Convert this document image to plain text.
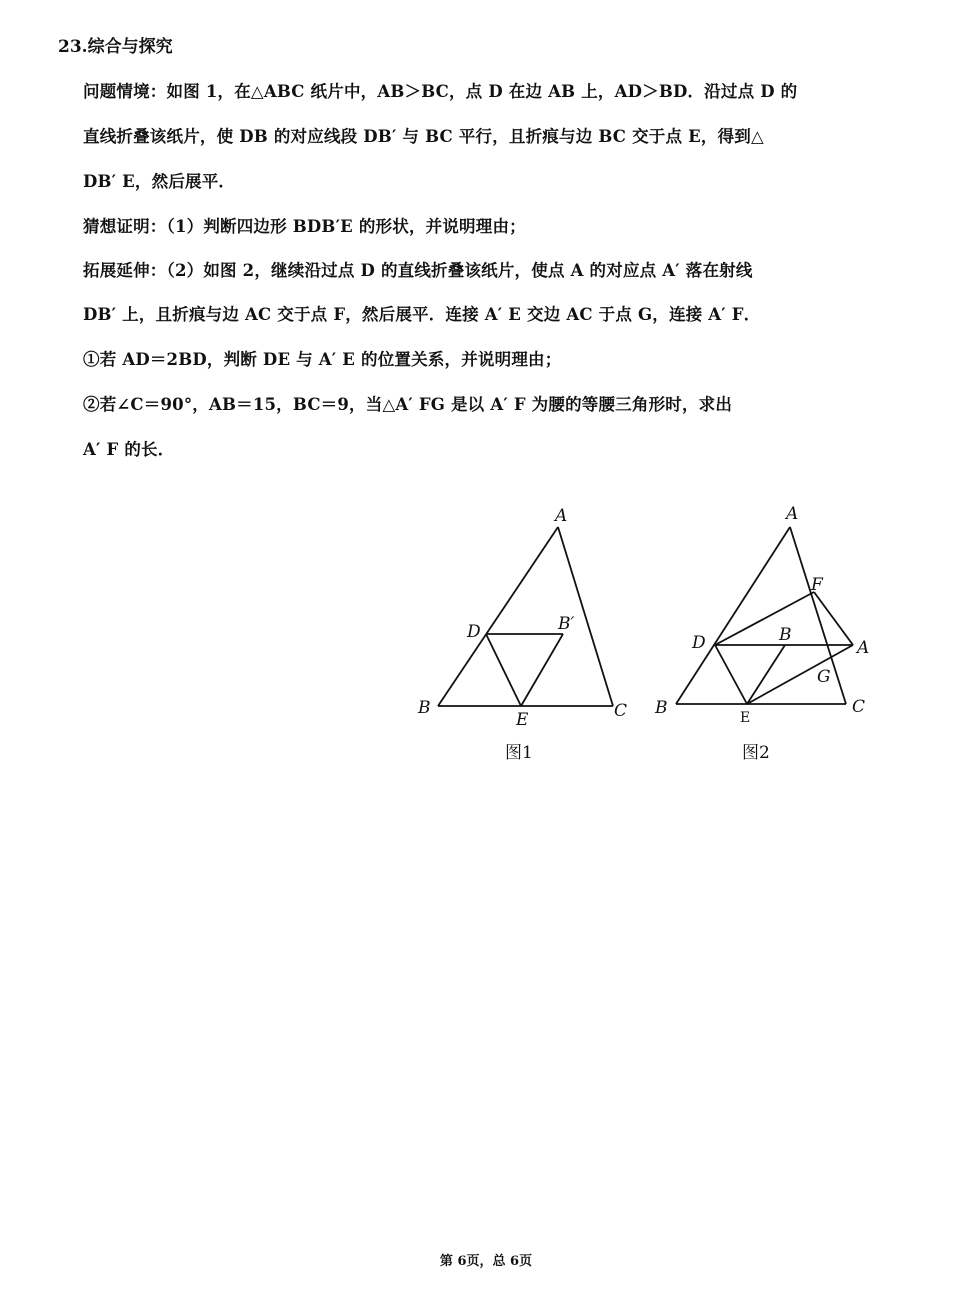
23.综合与探究
问题情境：如图 1，在△ABC 纸片中，AB＞BC，点 D 在边 AB 上，AD＞BD．沿过点 D 的
直线折叠该纸片，使 DB 的对应线段 DB′ 与 BC 平行，且折痕与边 BC 交于点 E，得到△
DB′ E，然后展平．
猜想证明：（1）判断四边形 BDB′E 的形状，并说明理由；
拓展延伸：（2）如图 2，继续沿过点 D 的直线折叠该纸片，使点 A 的对应点 A′ 落在射线
DB′ 上，且折痕与边 AC 交于点 F，然后展平．连接 A′ E 交边 AC 于点 G，连接 A′ F．
①若 AD＝2BD，判断 DE 与 A′ E 的位置关系，并说明理由；
②若∠C＝90°，AB＝15，BC＝9，当△A′ FG 是以 A′ F 为腰的等腰三角形时，求出
A′ F 的长．
A
D	B′
B
E	C
图1
A
F
D	B
A
G
B	E
C
图2
第 6页，总 6页
